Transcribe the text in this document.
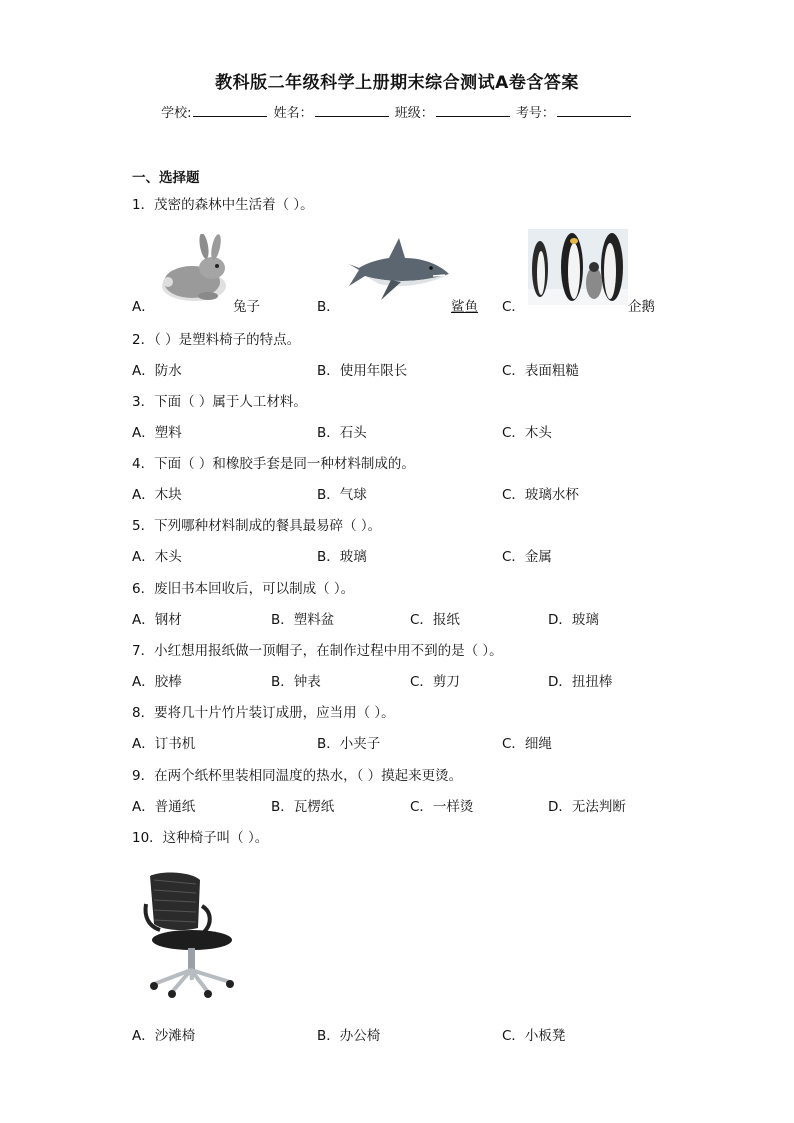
教科版二年级科学上册期末综合测试A卷含答案
学校:	姓名：	班级：	考号：
一、选择题
1．茂密的森林中生活着（ ）。
A．	兔子	B．	鲨鱼 C．	企鹅
2．（ ）是塑料椅子的特点。
A．防水	B．使用年限长	C．表面粗糙
3．下面（ ）属于人工材料。
A．塑料	B．石头	C．木头
4．下面（ ）和橡胶手套是同一种材料制成的。
A．木块	B．气球	C．玻璃水杯
5．下列哪种材料制成的餐具最易碎（ ）。
A．木头	B．玻璃	C．金属
6．废旧书本回收后，可以制成（ ）。
A．钢材	B．塑料盆	C．报纸	D．玻璃
7．小红想用报纸做一顶帽子，在制作过程中用不到的是（ ）。
A．胶棒	B．钟表	C．剪刀	D．扭扭棒
8．要将几十片竹片装订成册，应当用（ ）。
A．订书机	B．小夹子	C．细绳
9．在两个纸杯里装相同温度的热水，（ ）摸起来更烫。
A．普通纸	B．瓦楞纸	C．一样烫	D．无法判断
10．这种椅子叫（ ）。
A．沙滩椅	B．办公椅	C．小板凳
